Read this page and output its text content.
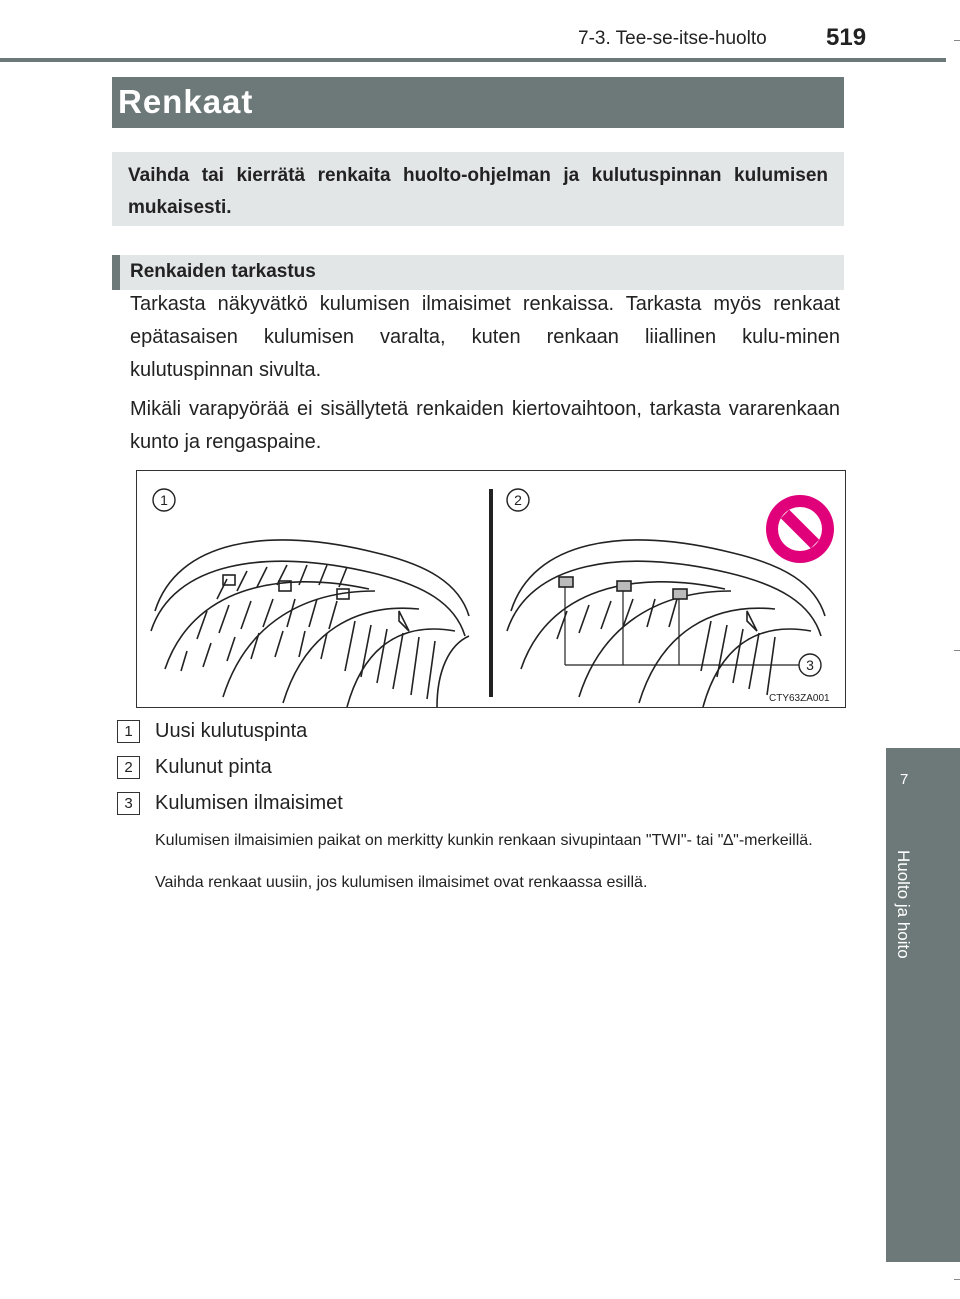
7-3. Tee-se-itse-huolto 519
Renkaat
Vaihda tai kierrätä renkaita huolto-ohjelman ja kulutuspinnan kulumisen mukaisesti.
Renkaiden tarkastus
Tarkasta näkyvätkö kulumisen ilmaisimet renkaissa. Tarkasta myös renkaat epätasaisen kulumisen varalta, kuten renkaan liiallinen kulu-minen kulutuspinnan sivulta.
Mikäli varapyörää ei sisällytetä renkaiden kiertovaihtoon, tarkasta vararenkaan kunto ja rengaspaine.
1	2
3
CTY63ZA001
1	Uusi kulutuspinta
2	Kulunut pinta
3	Kulumisen ilmaisimet
Kulumisen ilmaisimien paikat on merkitty kunkin renkaan sivupintaan "TWI"- tai "∆"-merkeillä.
Vaihda renkaat uusiin, jos kulumisen ilmaisimet ovat renkaassa esillä.
7
Huolto ja hoito
